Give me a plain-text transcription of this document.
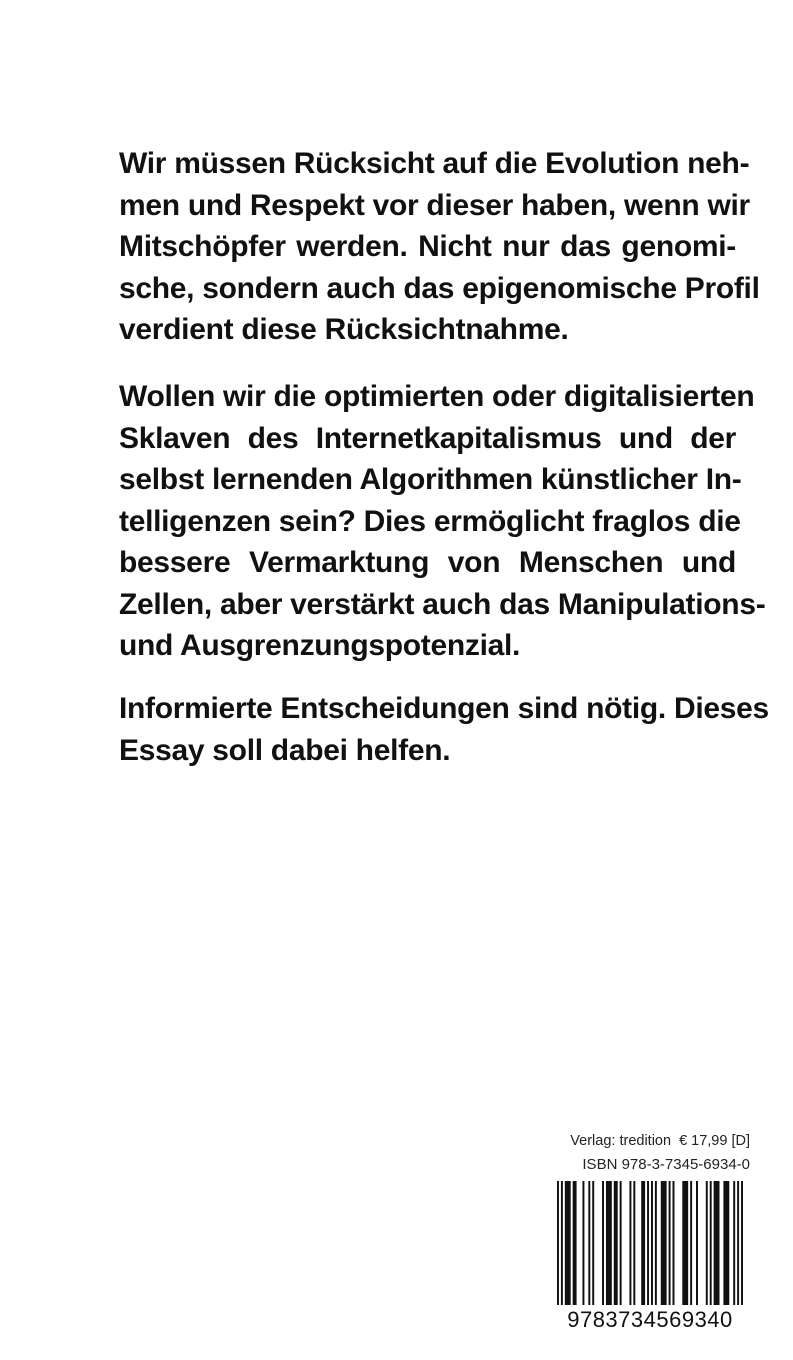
Wir müssen Rücksicht auf die Evolution neh-
men und Respekt vor dieser haben, wenn wir
Mitschöpfer werden. Nicht nur das genomi-
sche, sondern auch das epigenomische Profil
verdient diese Rücksichtnahme.

Wollen wir die optimierten oder digitalisierten
Sklaven des Internetkapitalismus und der
selbst lernenden Algorithmen künstlicher In-
telligenzen sein? Dies ermöglicht fraglos die
bessere Vermarktung von Menschen und
Zellen, aber verstärkt auch das Manipulations-
und Ausgrenzungspotenzial.

Informierte Entscheidungen sind nötig. Dieses
Essay soll dabei helfen.

Verlag: tredition € 17,99 [D]
ISBN 978-3-7345-6934-0
9783734569340
